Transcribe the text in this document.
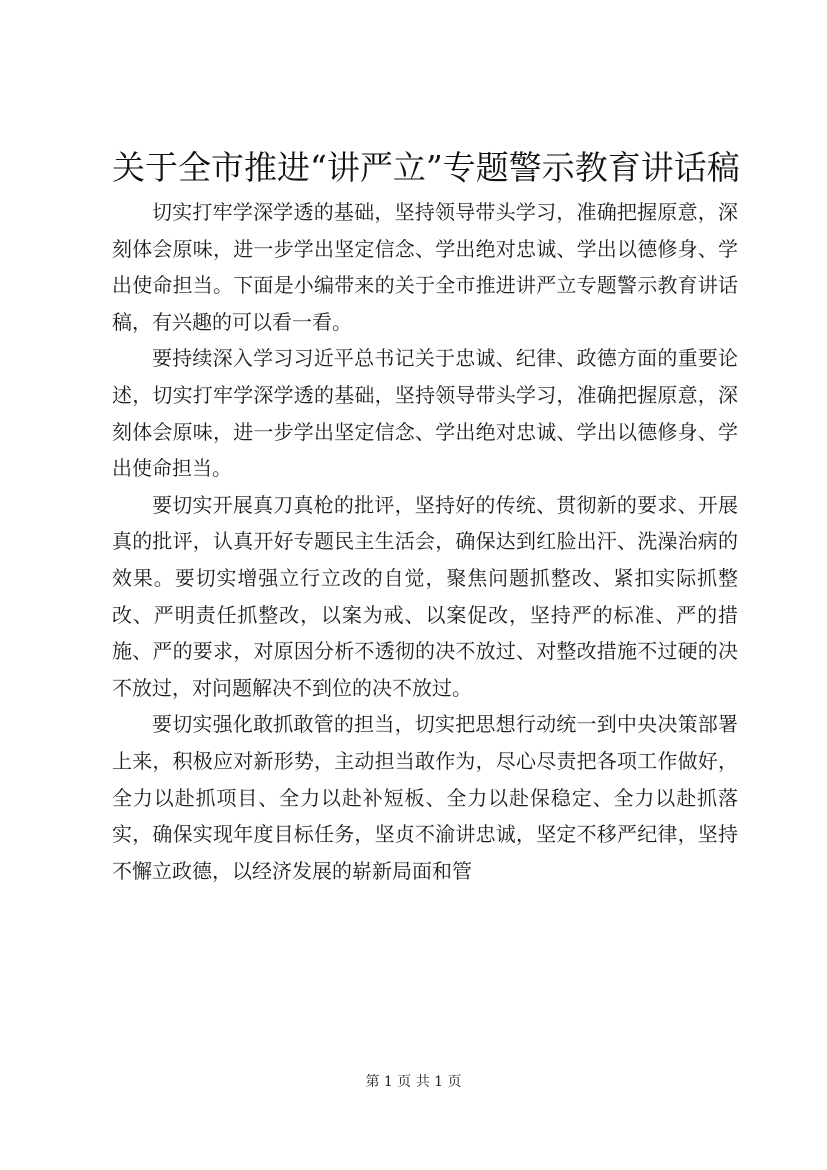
关于全市推进“讲严立”专题警示教育讲话稿

切实打牢学深学透的基础，坚持领导带头学习，准确把握原意，深刻体会原味，进一步学出坚定信念、学出绝对忠诚、学出以德修身、学出使命担当。下面是小编带来的关于全市推进讲严立专题警示教育讲话稿，有兴趣的可以看一看。

要持续深入学习习近平总书记关于忠诚、纪律、政德方面的重要论述，切实打牢学深学透的基础，坚持领导带头学习，准确把握原意，深刻体会原味，进一步学出坚定信念、学出绝对忠诚、学出以德修身、学出使命担当。

要切实开展真刀真枪的批评，坚持好的传统、贯彻新的要求、开展真的批评，认真开好专题民主生活会，确保达到红脸出汗、洗澡治病的效果。要切实增强立行立改的自觉，聚焦问题抓整改、紧扣实际抓整改、严明责任抓整改，以案为戒、以案促改，坚持严的标准、严的措施、严的要求，对原因分析不透彻的决不放过、对整改措施不过硬的决不放过，对问题解决不到位的决不放过。

要切实强化敢抓敢管的担当，切实把思想行动统一到中央决策部署上来，积极应对新形势，主动担当敢作为，尽心尽责把各项工作做好，全力以赴抓项目、全力以赴补短板、全力以赴保稳定、全力以赴抓落实，确保实现年度目标任务，坚贞不渝讲忠诚，坚定不移严纪律，坚持不懈立政德，以经济发展的崭新局面和管

第 1 页 共 1 页
